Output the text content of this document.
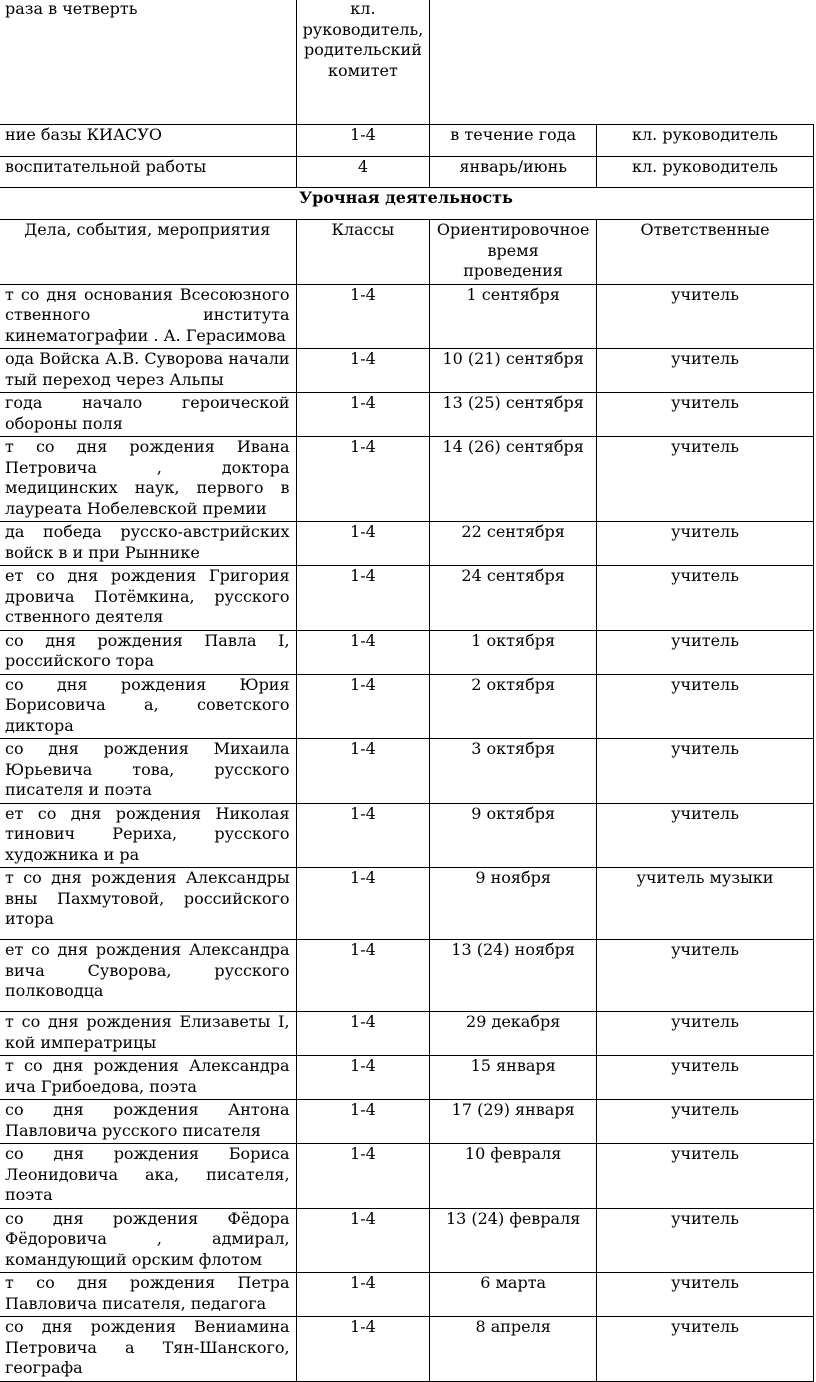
раза в четверть	кл. руководитель, родительский комитет		
ние базы КИАСУО	1-4	в течение года	кл. руководитель
воспитательной работы	4	январь/июнь	кл. руководитель
Урочная деятельность			
Дела, события, мероприятия	Классы	Ориентировочное время проведения	Ответственные
т со дня основания Всесоюзного ственного института кинематографии . А. Герасимова	1-4	1 сентября	учитель
ода Войска А.В. Суворова начали тый переход через Альпы	1-4	10 (21) сентября	учитель
года начало героической обороны поля	1-4	13 (25) сентября	учитель
т со дня рождения Ивана Петровича , доктора медицинских наук, первого в лауреата Нобелевской премии	1-4	14 (26) сентября	учитель
да победа русско-австрийских войск в и при Рыннике	1-4	22 сентября	учитель
ет со дня рождения Григория дровича Потёмкина, русского ственного деятеля	1-4	24 сентября	учитель
со дня рождения Павла I, российского тора	1-4	1 октября	учитель
со дня рождения Юрия Борисовича а, советского диктора	1-4	2 октября	учитель
со дня рождения Михаила Юрьевича това, русского писателя и поэта	1-4	3 октября	учитель
ет со дня рождения Николая тинович Рериха, русского художника и ра	1-4	9 октября	учитель
т со дня рождения Александры вны Пахмутовой, российского итора	1-4	9 ноября	учитель музыки
ет со дня рождения Александра вича Суворова, русского полководца	1-4	13 (24) ноября	учитель
т со дня рождения Елизаветы I, кой императрицы	1-4	29 декабря	учитель
т со дня рождения Александра ича Грибоедова, поэта	1-4	15 января	учитель
со дня рождения Антона Павловича русского писателя	1-4	17 (29) января	учитель
со дня рождения Бориса Леонидовича ака, писателя, поэта	1-4	10 февраля	учитель
со дня рождения Фёдора Фёдоровича , адмирал, командующий орским флотом	1-4	13 (24) февраля	учитель
т со дня рождения Петра Павловича писателя, педагога	1-4	6 марта	учитель
со дня рождения Вениамина Петровича а Тян-Шанского, географа	1-4	8 апреля	учитель
